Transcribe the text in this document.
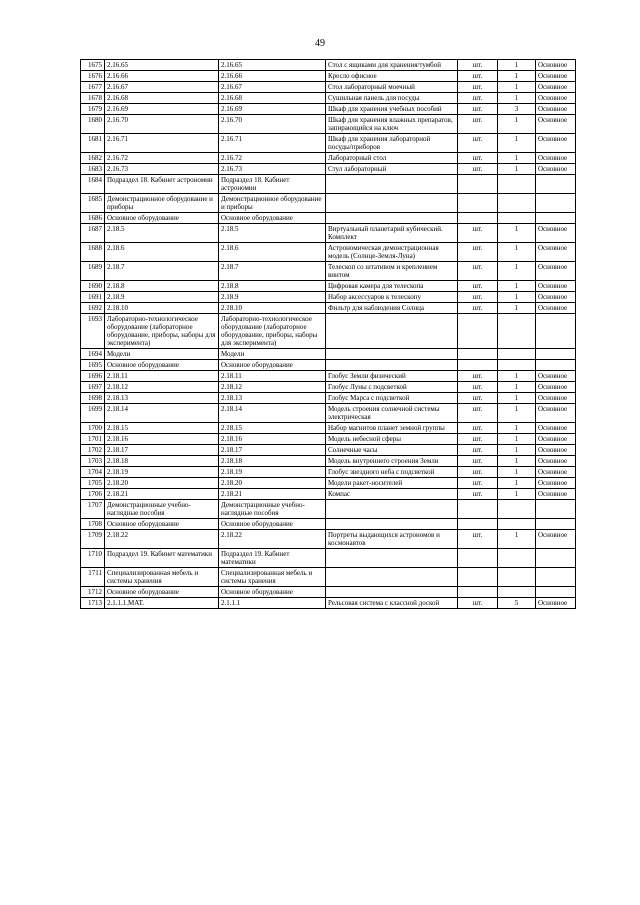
49
1675	2.16.65	2.16.65	Стол с ящиками для хранения/тумбой	шт.	1	Основное
1676	2.16.66	2.16.66	Кресло офисное	шт.	1	Основное
1677	2.16.67	2.16.67	Стол лабораторный моечный	шт.	1	Основное
1678	2.16.68	2.16.68	Сушильная панель для посуды	шт.	1	Основное
1679	2.16.69	2.16.69	Шкаф для хранения учебных пособий	шт.	3	Основное
1680	2.16.70	2.16.70	Шкаф для хранения влажных препаратов, запирающийся на ключ	шт.	1	Основное
1681	2.16.71	2.16.71	Шкаф для хранения лабораторной посуды/приборов	шт.	1	Основное
1682	2.16.72	2.16.72	Лабораторный стол	шт.	1	Основное
1683	2.16.73	2.16.73	Стул лабораторный	шт.	1	Основное
1684	Подраздел 18. Кабинет астрономии	Подраздел 18. Кабинет астрономии				
1685	Демонстрационное оборудование и приборы	Демонстрационное оборудование и приборы				
1686	Основное оборудование	Основное оборудование				
1687	2.18.5	2.18.5	Виртуальный планетарий кубический. Комплект	шт.	1	Основное
1688	2.18.6	2.18.6	Астрономическая демонстрационная модель (Солнце-Земля-Луна)	шт.	1	Основное
1689	2.18.7	2.18.7	Телескоп со штативом и креплением винтом	шт.	1	Основное
1690	2.18.8	2.18.8	Цифровая камера для телескопа	шт.	1	Основное
1691	2.18.9	2.18.9	Набор аксессуаров к телескопу	шт.	1	Основное
1692	2.18.10	2.18.10	Фильтр для наблюдения Солнца	шт.	1	Основное
1693	Лабораторно-технологическое оборудование (лабораторное оборудование, приборы, наборы для эксперимента)	Лабораторно-технологическое оборудование (лабораторное оборудование, приборы, наборы для эксперимента)				
1694	Модели	Модели				
1695	Основное оборудование	Основное оборудование				
1696	2.18.11	2.18.11	Глобус Земли физический	шт.	1	Основное
1697	2.18.12	2.18.12	Глобус Луны с подсветкой	шт.	1	Основное
1698	2.18.13	2.18.13	Глобус Марса с подсветкой	шт.	1	Основное
1699	2.18.14	2.18.14	Модель строения солнечной системы электрическая	шт.	1	Основное
1700	2.18.15	2.18.15	Набор магнитов планет земной группы	шт.	1	Основное
1701	2.18.16	2.18.16	Модель небесной сферы	шт.	1	Основное
1702	2.18.17	2.18.17	Солнечные часы	шт.	1	Основное
1703	2.18.18	2.18.18	Модель внутреннего строения Земли	шт.	1	Основное
1704	2.18.19	2.18.19	Глобус звездного неба с подсветкой	шт.	1	Основное
1705	2.18.20	2.18.20	Модели ракет-носителей	шт.	1	Основное
1706	2.18.21	2.18.21	Компас	шт.	1	Основное
1707	Демонстрационные учебно-наглядные пособия	Демонстрационные учебно-наглядные пособия				
1708	Основное оборудование	Основное оборудование				
1709	2.18.22	2.18.22	Портреты выдающихся астрономов и космонавтов	шт.	1	Основное
1710	Подраздел 19. Кабинет математики	Подраздел 19. Кабинет математики				
1711	Специализированная мебель и системы хранения	Специализированная мебель и системы хранения				
1712	Основное оборудование	Основное оборудование				
1713	2.1.1.1.МАТ.	2.1.1.1	Рельсовая система с классной доской	шт.	5	Основное
